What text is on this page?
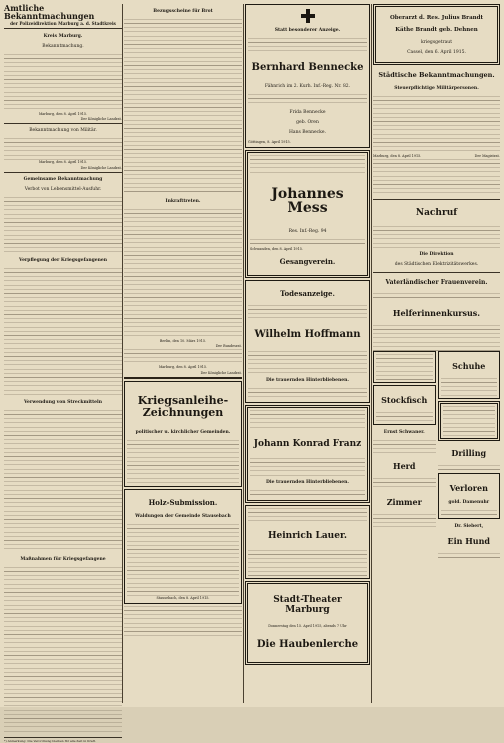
Amtliche Bekanntmachungen

der Polizeidirektion Marburg a. d. Stadtkreis

Kreis Marburg.

Bekanntmachung.

Marburg, den 8. April 1915.

Der Königliche Landrat.

Bekanntmachung von Militär.

Marburg, den 8. April 1915.

Der Königliche Landrat.

Gemeinsame Bekanntmachung

Verbot von Lebensmittel-Ausfuhr.

Verpflegung der Kriegsgefangenen

Verwendung von Streckmitteln

Maßnahmen für Kriegsgefangene

*) Anmerkung: Die Verordnung bleiben für alle Zeit in Kraft.

Bezugsscheine für Brot

Inkrafttreten.

Berlin, den 10. März 1915.

Der Bundesrat.

Marburg, den 8. April 1915.

Der Königliche Landrat.

Kriegsanleihe-Zeichnungen

politischer u. kirchlicher Gemeinden.

Holz-Submission.

Waldungen der Gemeinde Stausebach

Stausebach, den 8. April 1915.

Statt besonderer Anzeige.

Bernhard Bennecke

Fähnrich im 2. Kurh. Inf.-Reg. Nr. 82.

Frida Bennecke

geb. Oren

Hans Bennecke.

Göttingen, 8. April 1915.

Johannes Mess

Res. Inf.-Reg. 94

Schwanden, den 8. April 1915.

Gesangverein.

Todesanzeige.

Wilhelm Hoffmann

Die trauernden Hinterbliebenen.

Johann Konrad Franz

Die trauernden Hinterbliebenen.

Heinrich Lauer.

Stadt-Theater Marburg

Donnerstag den 15. April 1915, abends 7 Uhr

Die Haubenlerche

Oberarzt d. Res. Julius Brandt

Käthe Brandt geb. Dehnen

kriegsgetraut

Cassel, den 6. April 1915.

Städtische Bekanntmachungen.

Steuerpflichtige Militärpersonen.

Marburg, den 8. April 1915.	Der Magistrat.

Nachruf

Die Direktion

des Städtischen Elektrizitätswerkes.

Vaterländischer Frauenverein.

Helferinnenkursus.

Stockfisch

Ernst Schwaner.

Herd

Zimmer

Schuhe

Drilling

Verloren

gold. Damenuhr

Dr. Siebert,

Ein Hund
